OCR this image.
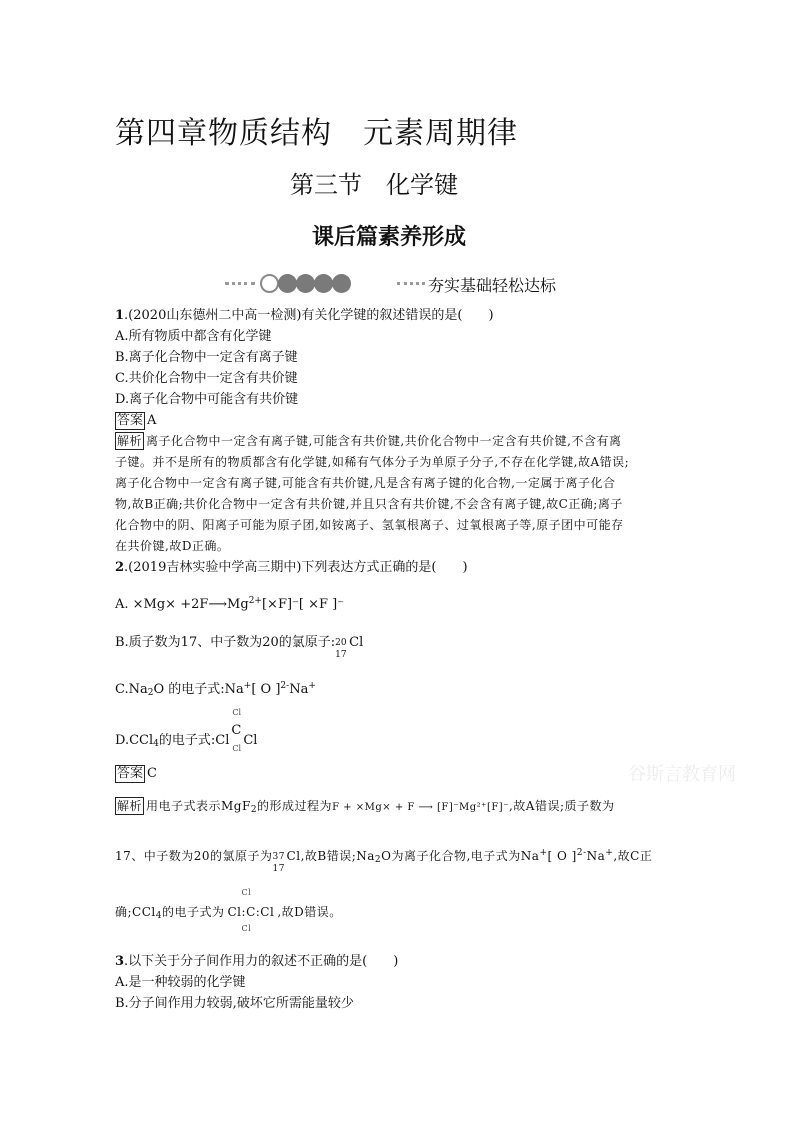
第四章物质结构　元素周期律
第三节　化学键
课后篇素养形成
夯实基础轻松达标
1.(2020山东德州二中高一检测)有关化学键的叙述错误的是(　　)
A.所有物质中都含有化学键
B.离子化合物中一定含有离子键
C.共价化合物中一定含有共价键
D.离子化合物中可能含有共价键
答案 A
解析 离子化合物中一定含有离子键,可能含有共价键,共价化合物中一定含有共价键,不含有离
子键。并不是所有的物质都含有化学键,如稀有气体分子为单原子分子,不存在化学键,故A错误;
离子化合物中一定含有离子键,可能含有共价键,凡是含有离子键的化合物,一定属于离子化合
物,故B正确;共价化合物中一定含有共价键,并且只含有共价键,不会含有离子键,故C正确;离子
化合物中的阴、阳离子可能为原子团,如铵离子、氢氧根离子、过氧根离子等,原子团中可能存
在共价键,故D正确。
2.(2019吉林实验中学高三期中)下列表达方式正确的是(　　)
A. $\times Mg\times +2F⟶Mg^{2+}[\times F]^-[ \times F$ ]⁻
B.质子数为17、中子数为20的氯原子: 20
17
Cl
$C.Na_2O$ 的电子式:Na+[ O ]$^{2-}$Na+
D.CCl$_4$的电子式:Cl
Cl
C
Cl
Cl
答案 C
解析 用电子式表示MgF$_2$的形成过程为F + ×Mg× + F ⟶ [F]⁻Mg²⁺[F]⁻,故A错误;质子数为
17、中子数为20的氯原子为 37
17
Cl,故B错误$;Na_2O$为离子化合物,电子式为Na+[ O ]$^{2-}$Na+,故C正
确;CCl$_4$的电子式为
Cl
Cl:C:Cl
Cl
,故D错误。
3.以下关于分子间作用力的叙述不正确的是(　　)
A.是一种较弱的化学键
B.分子间作用力较弱,破坏它所需能量较少
谷斯言教育网
